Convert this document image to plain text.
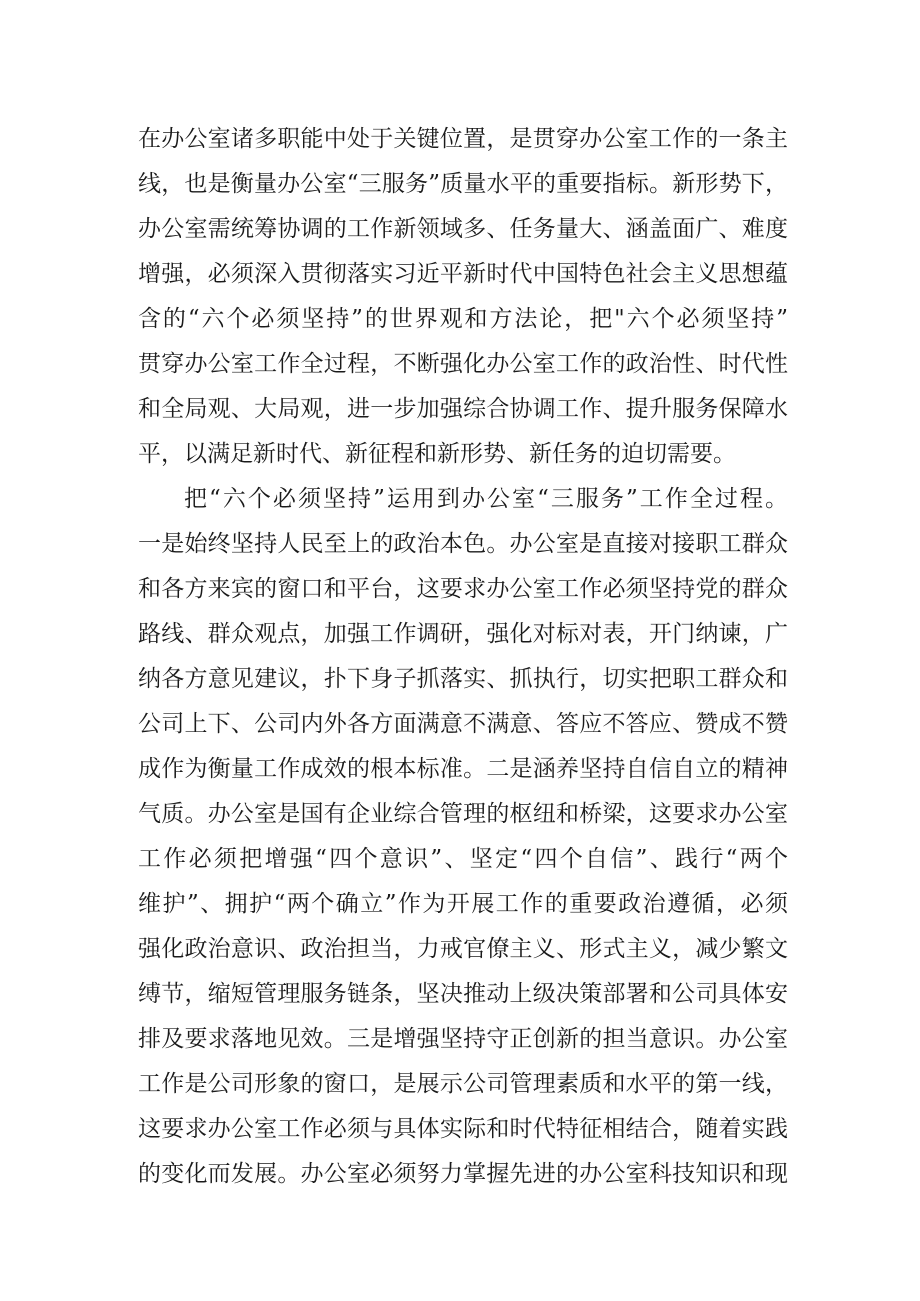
在办公室诸多职能中处于关键位置，是贯穿办公室工作的一条主
线，也是衡量办公室“三服务”质量水平的重要指标。新形势下，
办公室需统筹协调的工作新领域多、任务量大、涵盖面广、难度
增强，必须深入贯彻落实习近平新时代中国特色社会主义思想蕴
含的“六个必须坚持”的世界观和方法论，把"六个必须坚持”
贯穿办公室工作全过程，不断强化办公室工作的政治性、时代性
和全局观、大局观，进一步加强综合协调工作、提升服务保障水
平，以满足新时代、新征程和新形势、新任务的迫切需要。
把“六个必须坚持”运用到办公室“三服务”工作全过程。
一是始终坚持人民至上的政治本色。办公室是直接对接职工群众
和各方来宾的窗口和平台，这要求办公室工作必须坚持党的群众
路线、群众观点，加强工作调研，强化对标对表，开门纳谏，广
纳各方意见建议，扑下身子抓落实、抓执行，切实把职工群众和
公司上下、公司内外各方面满意不满意、答应不答应、赞成不赞
成作为衡量工作成效的根本标准。二是涵养坚持自信自立的精神
气质。办公室是国有企业综合管理的枢纽和桥梁，这要求办公室
工作必须把增强“四个意识”、坚定“四个自信”、践行“两个
维护”、拥护“两个确立”作为开展工作的重要政治遵循，必须
强化政治意识、政治担当，力戒官僚主义、形式主义，减少繁文
缚节，缩短管理服务链条，坚决推动上级决策部署和公司具体安
排及要求落地见效。三是增强坚持守正创新的担当意识。办公室
工作是公司形象的窗口，是展示公司管理素质和水平的第一线，
这要求办公室工作必须与具体实际和时代特征相结合，随着实践
的变化而发展。办公室必须努力掌握先进的办公室科技知识和现
